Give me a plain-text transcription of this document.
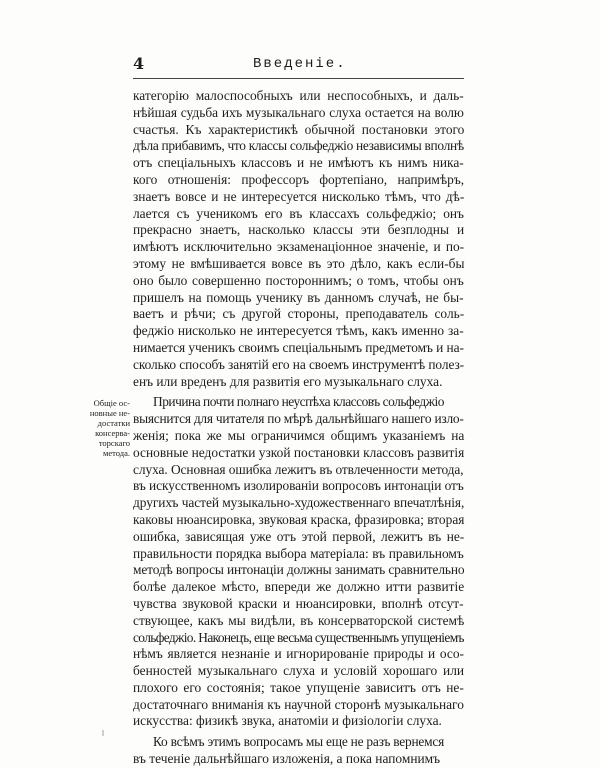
4	Введеніе.
Общіе ос-
новные не-
достатки
консерва-
торскаго
метода.

категорію малоспособныхъ или неспособныхъ, и даль-
нѣйшая судьба ихъ музыкальнаго слуха остается на волю
счастья. Къ характеристикѣ обычной постановки этого
дѣла прибавимъ, что классы сольфеджіо независимы вполнѣ
отъ спеціальныхъ классовъ и не имѣютъ къ нимъ ника-
кого отношенія: профессоръ фортепіано, напримѣръ,
знаетъ вовсе и не интересуется нисколько тѣмъ, что дѣ-
лается съ ученикомъ его въ классахъ сольфеджіо; онъ
прекрасно знаетъ, насколько классы эти безплодны и
имѣютъ исключительно экзаменаціонное значеніе, и по-
этому не вмѣшивается вовсе въ это дѣло, какъ если-бы
оно было совершенно постороннимъ; о томъ, чтобы онъ
пришелъ на помощь ученику въ данномъ случаѣ, не бы-
ваетъ и рѣчи; съ другой стороны, преподаватель соль-
феджіо нисколько не интересуется тѣмъ, какъ именно за-
нимается ученикъ своимъ спеціальнымъ предметомъ и на-
сколько способъ занятій его на своемъ инструментѣ полез-
енъ или вреденъ для развитія его музыкальнаго слуха.

Причина почти полнаго неуспѣха классовъ сольфеджіо
выяснится для читателя по мѣрѣ дальнѣйшаго нашего изло-
женія; пока же мы ограничимся общимъ указаніемъ на
основные недостатки узкой постановки классовъ развитія
слуха. Основная ошибка лежитъ въ отвлеченности метода,
въ искусственномъ изолированіи вопросовъ интонаціи отъ
другихъ частей музыкально-художественнаго впечатлѣнія,
каковы нюансировка, звуковая краска, фразировка; вторая
ошибка, зависящая уже отъ этой первой, лежитъ въ не-
правильности порядка выбора матеріала: въ правильномъ
методѣ вопросы интонаціи должны занимать сравнительно
болѣе далекое мѣсто, впереди же должно итти развитіе
чувства звуковой краски и нюансировки, вполнѣ отсут-
ствующее, какъ мы видѣли, въ консерваторской системѣ
сольфеджіо. Наконецъ, еще весьма существеннымъ упущеніемъ
нѣмъ является незнаніе и игнорированіе природы и осо-
бенностей музыкальнаго слуха и условій хорошаго или
плохого его состоянія; такое упущеніе зависитъ отъ не-
достаточнаго вниманія къ научной сторонѣ музыкальнаго
искусства: физикѣ звука, анатоміи и физіологіи слуха.

Ко всѣмъ этимъ вопросамъ мы еще не разъ вернемся
въ теченіе дальнѣйшаго изложенія, а пока напомнимъ
